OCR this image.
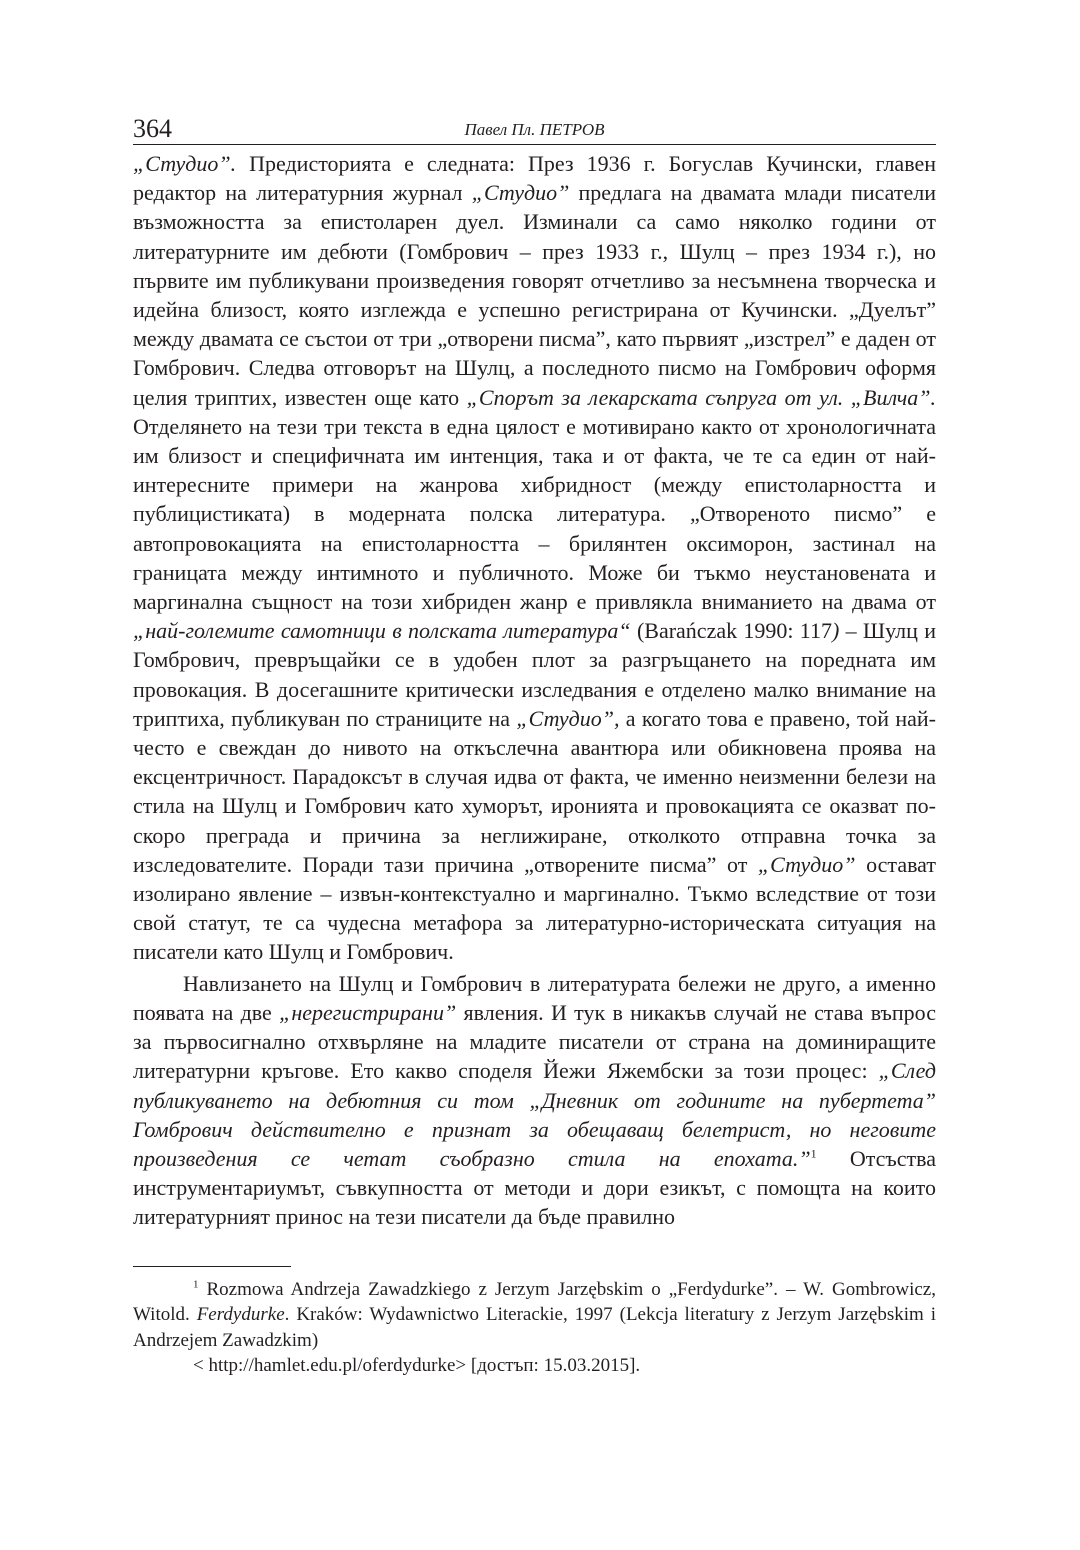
364	Павел Пл. ПЕТРОВ

„Студио”. Предисторията е следната: През 1936 г. Богуслав Кучински, главен редактор на литературния журнал „Студио” предлага на двамата млади писатели възможността за епистоларен дуел. Изминали са само няколко години от литературните им дебюти (Гомбрович – през 1933 г., Шулц – през 1934 г.), но първите им публикувани произведения говорят отчетливо за несъмнена творческа и идейна близост, която изглежда е успешно регистрирана от Кучински. „Дуелът” между двамата се състои от три „отворени писма”, като първият „изстрел” е даден от Гомбрович. Следва отговорът на Шулц, а последното писмо на Гомбрович оформя целия триптих, известен още като „Спорът за лекарската съпруга от ул. „Вилча”. Отделянето на тези три текста в една цялост е мотивирано както от хронологичната им близост и специфичната им интенция, така и от факта, че те са един от най-интересните примери на жанрова хибридност (между епистоларността и публицистиката) в модерната полска литература. „Отвореното писмо” е автопровокацията на епистоларността – брилянтен оксиморон, застинал на границата между интимното и публичното. Може би тъкмо неустановената и маргинална същност на този хибриден жанр е привлякла вниманието на двама от „най-големите самотници в полската литература“ (Barańczak 1990: 117) – Шулц и Гомбрович, превръщайки се в удобен плот за разгръщането на поредната им провокация. В досегашните критически изследвания е отделено малко внимание на триптиха, публикуван по страниците на „Студио”, а когато това е правено, той най-често е свеждан до нивото на откъслечна авантюра или обикновена проява на ексцентричност. Парадоксът в случая идва от факта, че именно неизменни белези на стила на Шулц и Гомбрович като хуморът, иронията и провокацията се оказват по-скоро преграда и причина за неглижиране, отколкото отправна точка за изследователите. Поради тази причина „отворените писма” от „Студио” остават изолирано явление – извън-контекстуално и маргинално. Тъкмо вследствие от този свой статут, те са чудесна метафора за литературно-историческата ситуация на писатели като Шулц и Гомбрович.

Навлизането на Шулц и Гомбрович в литературата бележи не друго, а именно появата на две „нерегистрирани” явления. И тук в никакъв случай не става въпрос за първосигнално отхвърляне на младите писатели от страна на доминиращите литературни кръгове. Ето какво споделя Йежи Яжембски за този процес: „След публикуването на дебютния си том „Дневник от годините на пубертета” Гомбрович действително е признат за обещаващ белетрист, но неговите произведения се четат съобразно стила на епохата.”$^1$ Отсъства инструментариумът, съвкупността от методи и дори езикът, с помощта на които литературният принос на тези писатели да бъде правилно

$^1$ Rozmowa Andrzeja Zawadzkiego z Jerzym Jarzębskim o „Ferdydurke”. – W. Gombrowicz, Witold. Ferdydurke. Kraków: Wydawnictwo Literackie, 1997 (Lekcja literatury z Jerzym Jarzębskim i Andrzejem Zawadzkim)

< http://hamlet.edu.pl/oferdydurke> [достъп: 15.03.2015].
